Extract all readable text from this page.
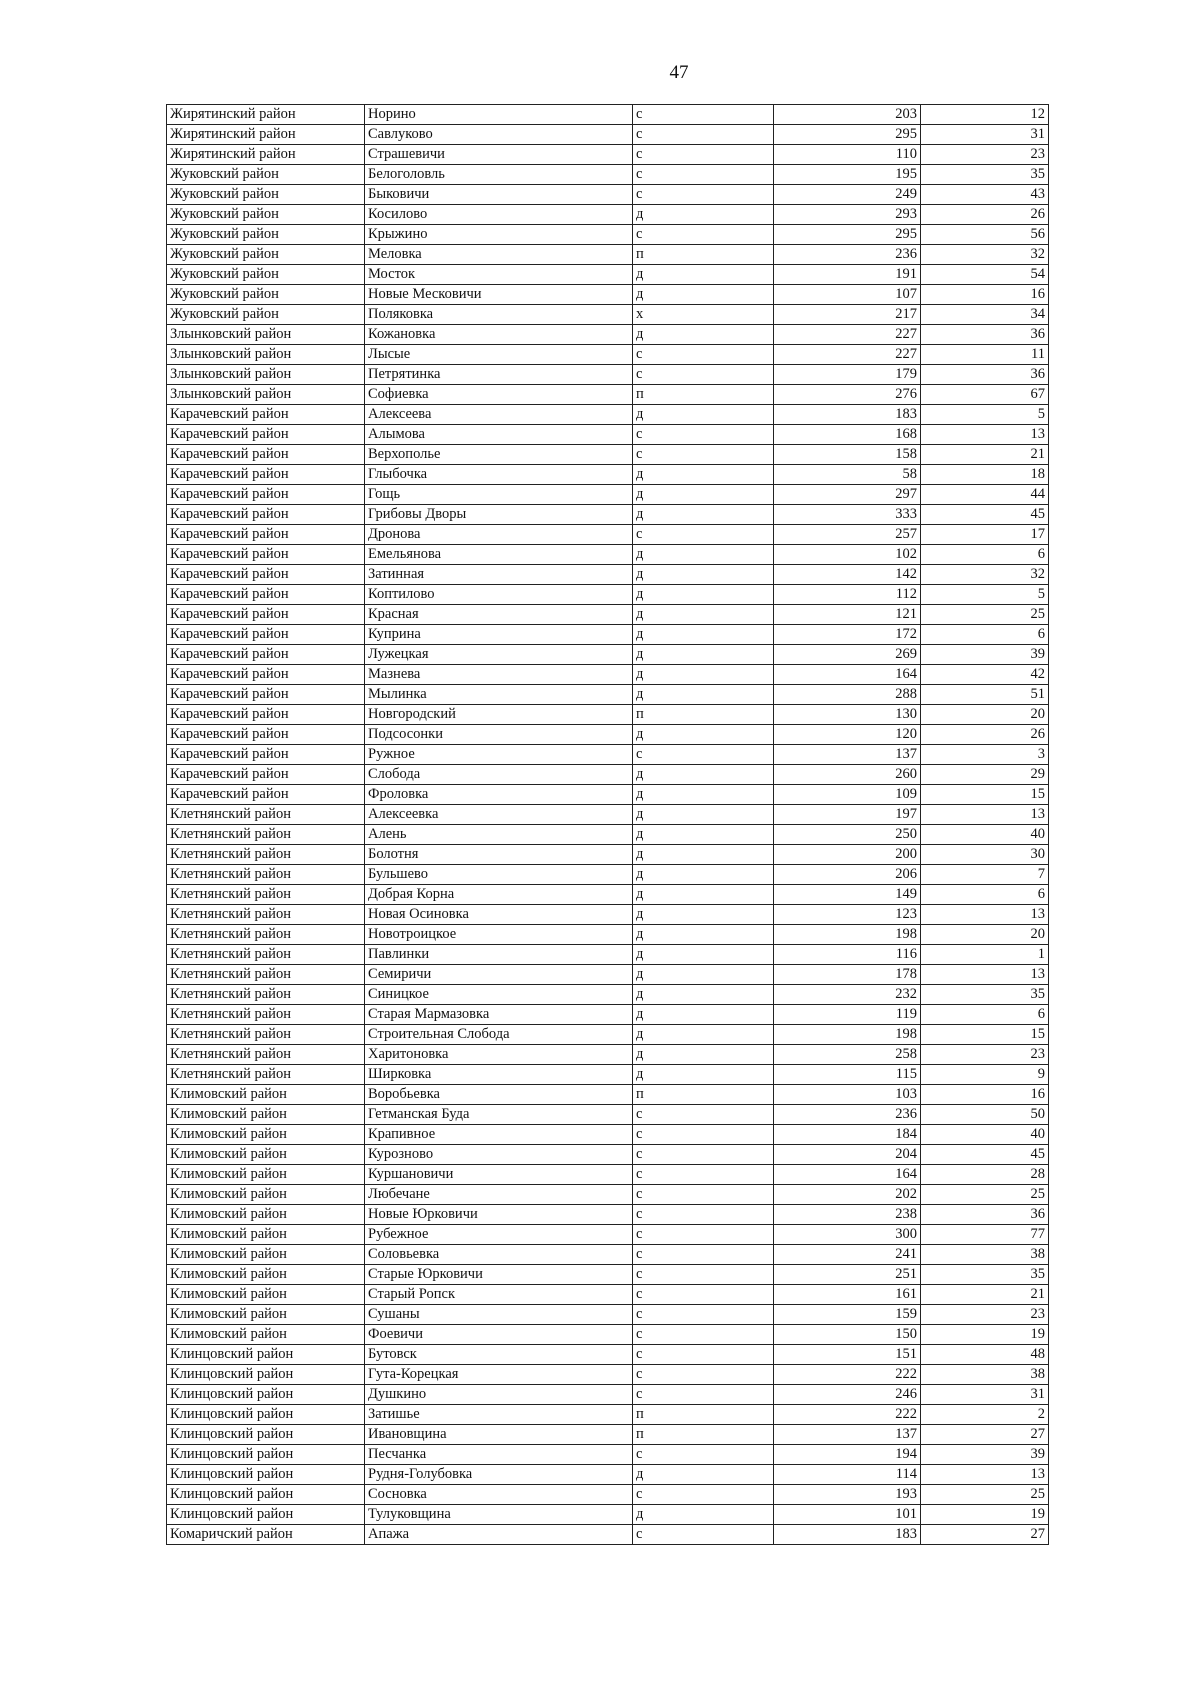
47
Жирятинский район	Норино	с	203	12
Жирятинский район	Савлуково	с	295	31
Жирятинский район	Страшевичи	с	110	23
Жуковский район	Белоголовль	с	195	35
Жуковский район	Быковичи	с	249	43
Жуковский район	Косилово	д	293	26
Жуковский район	Крыжино	с	295	56
Жуковский район	Меловка	п	236	32
Жуковский район	Мосток	д	191	54
Жуковский район	Новые Месковичи	д	107	16
Жуковский район	Поляковка	х	217	34
Злынковский район	Кожановка	д	227	36
Злынковский район	Лысые	с	227	11
Злынковский район	Петрятинка	с	179	36
Злынковский район	Софиевка	п	276	67
Карачевский район	Алексеева	д	183	5
Карачевский район	Алымова	с	168	13
Карачевский район	Верхополье	с	158	21
Карачевский район	Глыбочка	д	58	18
Карачевский район	Гощь	д	297	44
Карачевский район	Грибовы Дворы	д	333	45
Карачевский район	Дронова	с	257	17
Карачевский район	Емельянова	д	102	6
Карачевский район	Затинная	д	142	32
Карачевский район	Коптилово	д	112	5
Карачевский район	Красная	д	121	25
Карачевский район	Куприна	д	172	6
Карачевский район	Лужецкая	д	269	39
Карачевский район	Мазнева	д	164	42
Карачевский район	Мылинка	д	288	51
Карачевский район	Новгородский	п	130	20
Карачевский район	Подсосонки	д	120	26
Карачевский район	Ружное	с	137	3
Карачевский район	Слобода	д	260	29
Карачевский район	Фроловка	д	109	15
Клетнянский район	Алексеевка	д	197	13
Клетнянский район	Алень	д	250	40
Клетнянский район	Болотня	д	200	30
Клетнянский район	Бульшево	д	206	7
Клетнянский район	Добрая Корна	д	149	6
Клетнянский район	Новая Осиновка	д	123	13
Клетнянский район	Новотроицкое	д	198	20
Клетнянский район	Павлинки	д	116	1
Клетнянский район	Семиричи	д	178	13
Клетнянский район	Синицкое	д	232	35
Клетнянский район	Старая Мармазовка	д	119	6
Клетнянский район	Строительная Слобода	д	198	15
Клетнянский район	Харитоновка	д	258	23
Клетнянский район	Ширковка	д	115	9
Климовский район	Воробьевка	п	103	16
Климовский район	Гетманская Буда	с	236	50
Климовский район	Крапивное	с	184	40
Климовский район	Курозново	с	204	45
Климовский район	Куршановичи	с	164	28
Климовский район	Любечане	с	202	25
Климовский район	Новые Юрковичи	с	238	36
Климовский район	Рубежное	с	300	77
Климовский район	Соловьевка	с	241	38
Климовский район	Старые Юрковичи	с	251	35
Климовский район	Старый Ропск	с	161	21
Климовский район	Сушаны	с	159	23
Климовский район	Фоевичи	с	150	19
Клинцовский район	Бутовск	с	151	48
Клинцовский район	Гута-Корецкая	с	222	38
Клинцовский район	Душкино	с	246	31
Клинцовский район	Затишье	п	222	2
Клинцовский район	Ивановщина	п	137	27
Клинцовский район	Песчанка	с	194	39
Клинцовский район	Рудня-Голубовка	д	114	13
Клинцовский район	Сосновка	с	193	25
Клинцовский район	Тулуковщина	д	101	19
Комаричский район	Апажа	с	183	27
